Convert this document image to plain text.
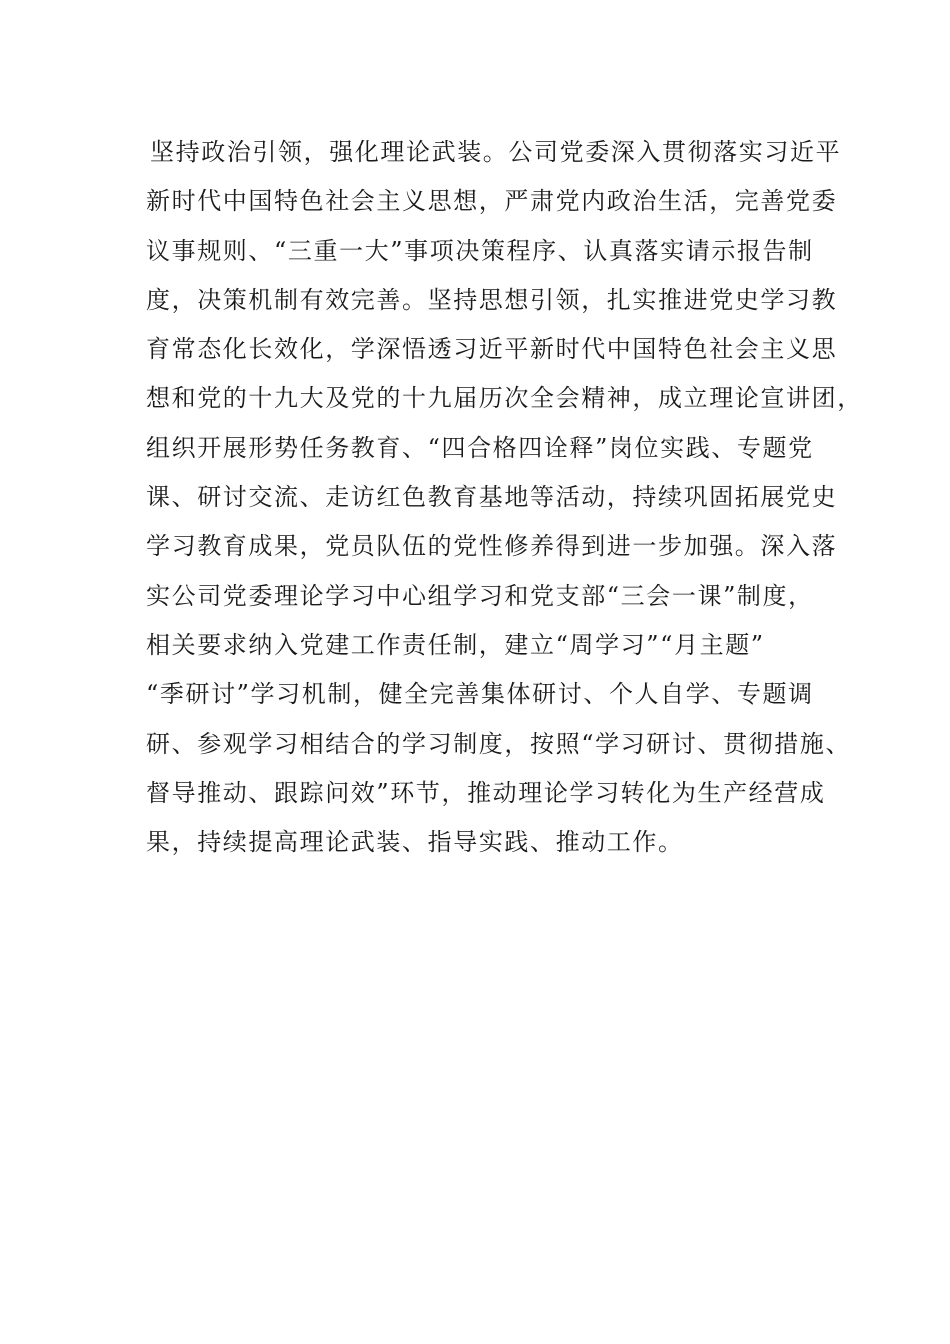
坚持政治引领，强化理论武装。公司党委深入贯彻落实习近平
新时代中国特色社会主义思想，严肃党内政治生活，完善党委
议事规则、“三重一大”事项决策程序、认真落实请示报告制
度，决策机制有效完善。坚持思想引领，扎实推进党史学习教
育常态化长效化，学深悟透习近平新时代中国特色社会主义思
想和党的十九大及党的十九届历次全会精神，成立理论宣讲团，
组织开展形势任务教育、“四合格四诠释”岗位实践、专题党
课、研讨交流、走访红色教育基地等活动，持续巩固拓展党史
学习教育成果，党员队伍的党性修养得到进一步加强。深入落
实公司党委理论学习中心组学习和党支部“三会一课”制度，
相关要求纳入党建工作责任制，建立“周学习”“月主题”
“季研讨”学习机制，健全完善集体研讨、个人自学、专题调
研、参观学习相结合的学习制度，按照“学习研讨、贯彻措施、
督导推动、跟踪问效”环节，推动理论学习转化为生产经营成
果，持续提高理论武装、指导实践、推动工作。
